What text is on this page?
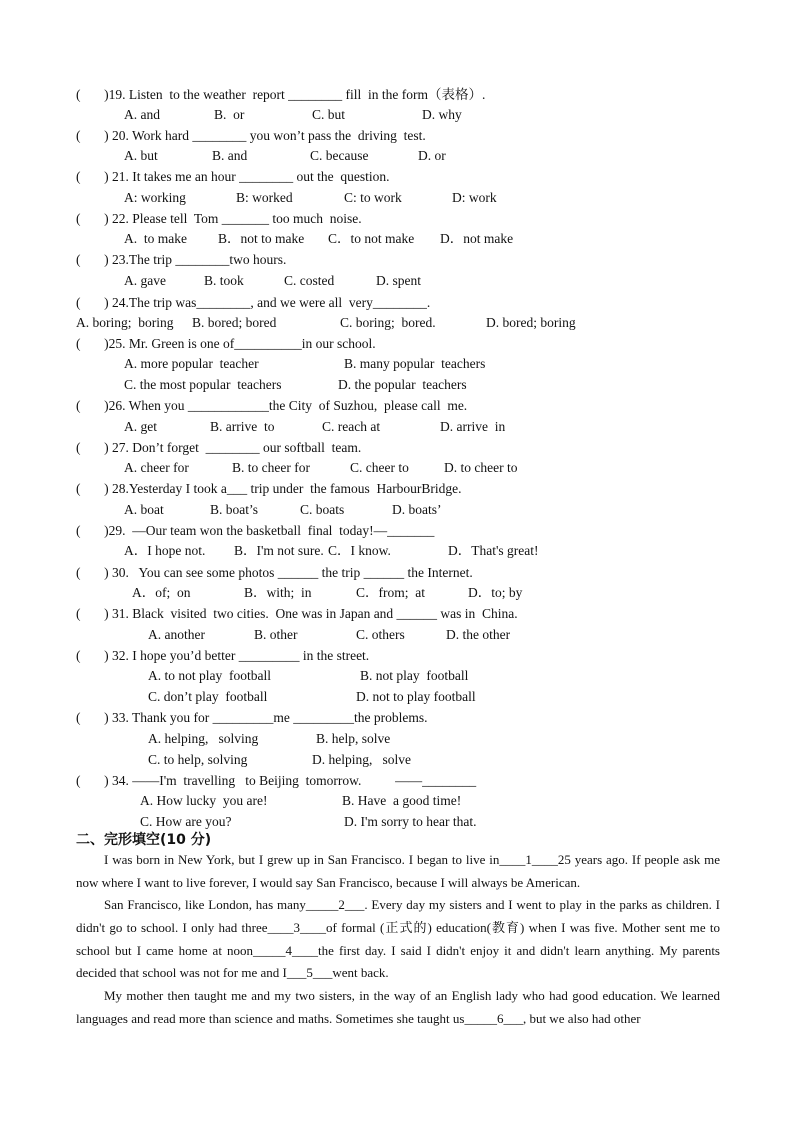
(       )19. Listen  to the weather  report ________ fill  in the form（表格）.
A. and	B.  or	C. but	D. why
(       ) 20. Work hard ________ you won’t pass the  driving  test.
A. but	B. and	C. because	D. or
(       ) 21. It takes me an hour ________ out the  question.
A: working	B: worked	C: to work	D: work
(       ) 22. Please tell  Tom _______ too much  noise.
A.  to make B．not to make C．to not make D．not make
(       ) 23.The trip ________two hours.
A. gave	B. took	C. costed	D. spent
(       ) 24.The trip was________, and we were all  very________.
A. boring;  boring B. bored; bored	C. boring;  bored.	D. bored; boring
(       )25. Mr. Green is one of__________in our school.
A. more popular  teacher	B. many popular  teachers
C. the most popular  teachers	D. the popular  teachers
(       )26. When you ____________the City  of Suzhou,  please call  me.
A. get	B. arrive  to	C. reach at	D. arrive  in
(       ) 27. Don’t forget  ________ our softball  team.
A. cheer for	B. to cheer for	C. cheer to	D. to cheer to
(       ) 28.Yesterday I took a___ trip under  the famous  HarbourBridge.
A. boat	B. boat’s	C. boats	D. boats’
(       )29.  —Our team won the basketball  final  today!—_______
A．I hope not. B．I'm not sure. C．I know.	D．That's great!
(       ) 30.   You can see some photos ______ the trip ______ the Internet.
A．of;  on	B．with;  in	C．from;  at	D．to; by
(       ) 31. Black  visited  two cities.  One was in Japan and ______ was in  China.
A. another	B. other	C. others	D. the other
(       ) 32. I hope you’d better _________ in the street.
A. to not play  football	B. not play  football
C. don’t play  football	D. not to play football
(       ) 33. Thank you for _________me _________the problems.
A. helping,   solving	B. help, solve
C. to help, solving	D. helping,   solve
(       ) 34. ——I'm  travelling   to Beijing  tomorrow.          ——________
A. How lucky  you are!	B. Have  a good time!
C. How are you?	D. I'm sorry to hear that.
二、完形填空(10 分)
I was born in New York, but I grew up in San Francisco. I began to live in____1____25 years ago. If people ask me now where I want to live forever, I would say San Francisco, because I will always be American.
San Francisco, like London, has many_____2___. Every day my sisters and I went to play in the parks as children. I didn't go to school. I only had three____3____of formal (正式的) education(教育) when I was five. Mother sent me to school but I came home at noon_____4____the first day. I said I didn't enjoy it and didn't learn anything. My parents decided that school was not for me and I___5___went back.
My mother then taught me and my two sisters, in the way of an English lady who had good education. We learned languages and read more than science and maths. Sometimes she taught us_____6___, but we also had other
